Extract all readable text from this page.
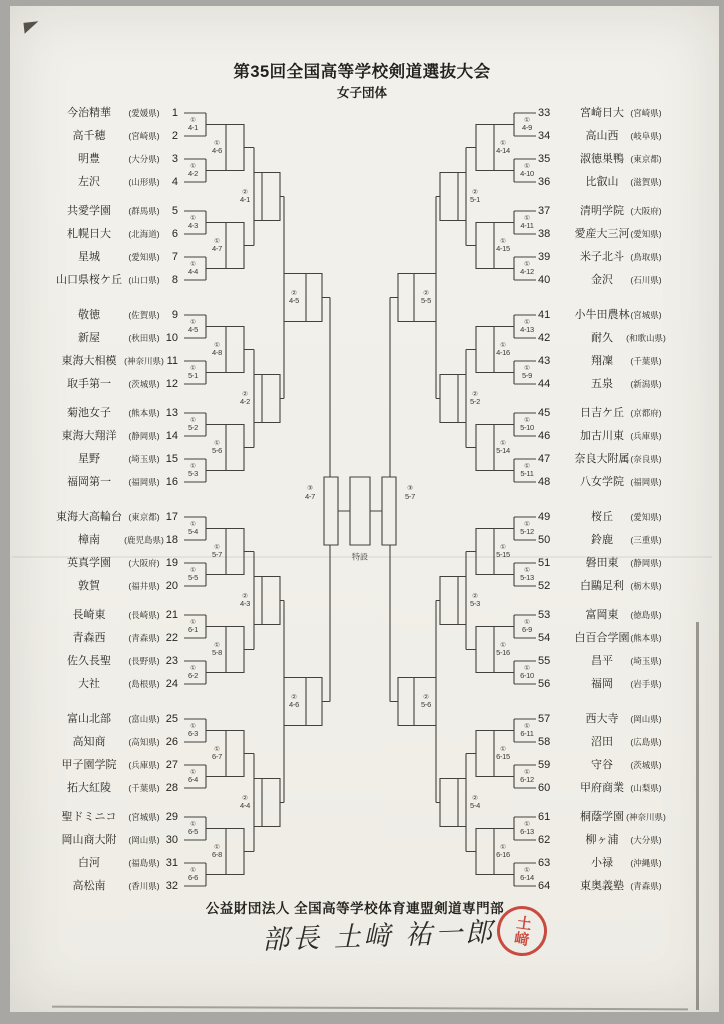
第35回全国高等学校剣道選抜大会
女子団体
今治精華	(愛媛県)	1
高千穂	(宮崎県)	2
明豊	(大分県)	3
左沢	(山形県)	4
共愛学園	(群馬県)	5
札幌日大	(北海道)	6
星城	(愛知県)	7
山口県桜ケ丘 (山口県)	8
敬徳	(佐賀県)	9
新屋	(秋田県) 10
東海大相模 (神奈川県) 11
取手第一	(茨城県) 12
菊池女子	(熊本県) 13
東海大翔洋	(静岡県) 14
星野	(埼玉県) 15
福岡第一	(福岡県) 16
東海大高輪台 (東京都) 17
樟南	(鹿児島県) 18
英真学園	(大阪府) 19
敦賀	(福井県) 20
長崎東	(長崎県) 21
青森西	(青森県) 22
佐久長聖	(長野県) 23
大社	(島根県) 24
富山北部	(富山県) 25
高知商	(高知県) 26
甲子園学院	(兵庫県) 27
拓大紅陵	(千葉県) 28
聖ドミニコ	(宮城県) 29
岡山商大附	(岡山県) 30
白河	(福島県) 31
高松南	(香川県) 32
33	宮崎日大 (宮崎県)
34	高山西	(岐阜県)
35	淑徳巣鴨 (東京都)
36	比叡山	(滋賀県)
37	清明学院 (大阪府)
38	愛産大三河 (愛知県)
39	米子北斗 (鳥取県)
40	金沢	(石川県)
41	小牛田農林 (宮城県)
42	耐久	(和歌山県)
43	翔凜	(千葉県)
44	五泉	(新潟県)
45	日吉ケ丘 (京都府)
46	加古川東 (兵庫県)
47	奈良大附属 (奈良県)
48	八女学院 (福岡県)
49	桜丘	(愛知県)
50	鈴鹿	(三重県)
51	磐田東	(静岡県)
52	白鷗足利 (栃木県)
53	富岡東	(徳島県)
54	白百合学園 (熊本県)
55	昌平	(埼玉県)
56	福岡	(岩手県)
57	西大寺	(岡山県)
58	沼田	(広島県)
59	守谷	(茨城県)
60	甲府商業 (山梨県)
61	桐蔭学園 (神奈川県)
62	柳ヶ浦	(大分県)
63	小禄	(沖縄県)
64	東奥義塾 (青森県)
①
4-1
①
4-2
①
4-3
①
4-4
①
4-5
①
5-1
①
5-2
①
5-3
①
5-4
①
5-5
①
6-1
①
6-2
①
6-3
①
6-4
①
6-5
①
6-6
①
4-6
①
4-7
①
4-8
①
5-6
①
5-7
①
5-8
①
6-7
①
6-8
②
4-1
②
4-2
②
4-3
②
4-4
②
4-5
②
4-6
③
4-7
①
4-9
①
4-10
①
4-11
①
4-12
①
4-13
①
5-9
①
5-10
①
5-11
①
5-12
①
5-13
①
6-9
①
6-10
①
6-11
①
6-12
①
6-13
①
6-14
①
4-14
①
4-15
①
4-16
①
5-14
①
5-15
①
5-16
①
6-15
①
6-16
②
5-1
②
5-2
②
5-3
②
5-4
②
5-5
②
5-6
③
5-7
特設
公益財団法人 全国高等学校体育連盟剣道専門部
部長 土﨑 祐一郎 土﨑
